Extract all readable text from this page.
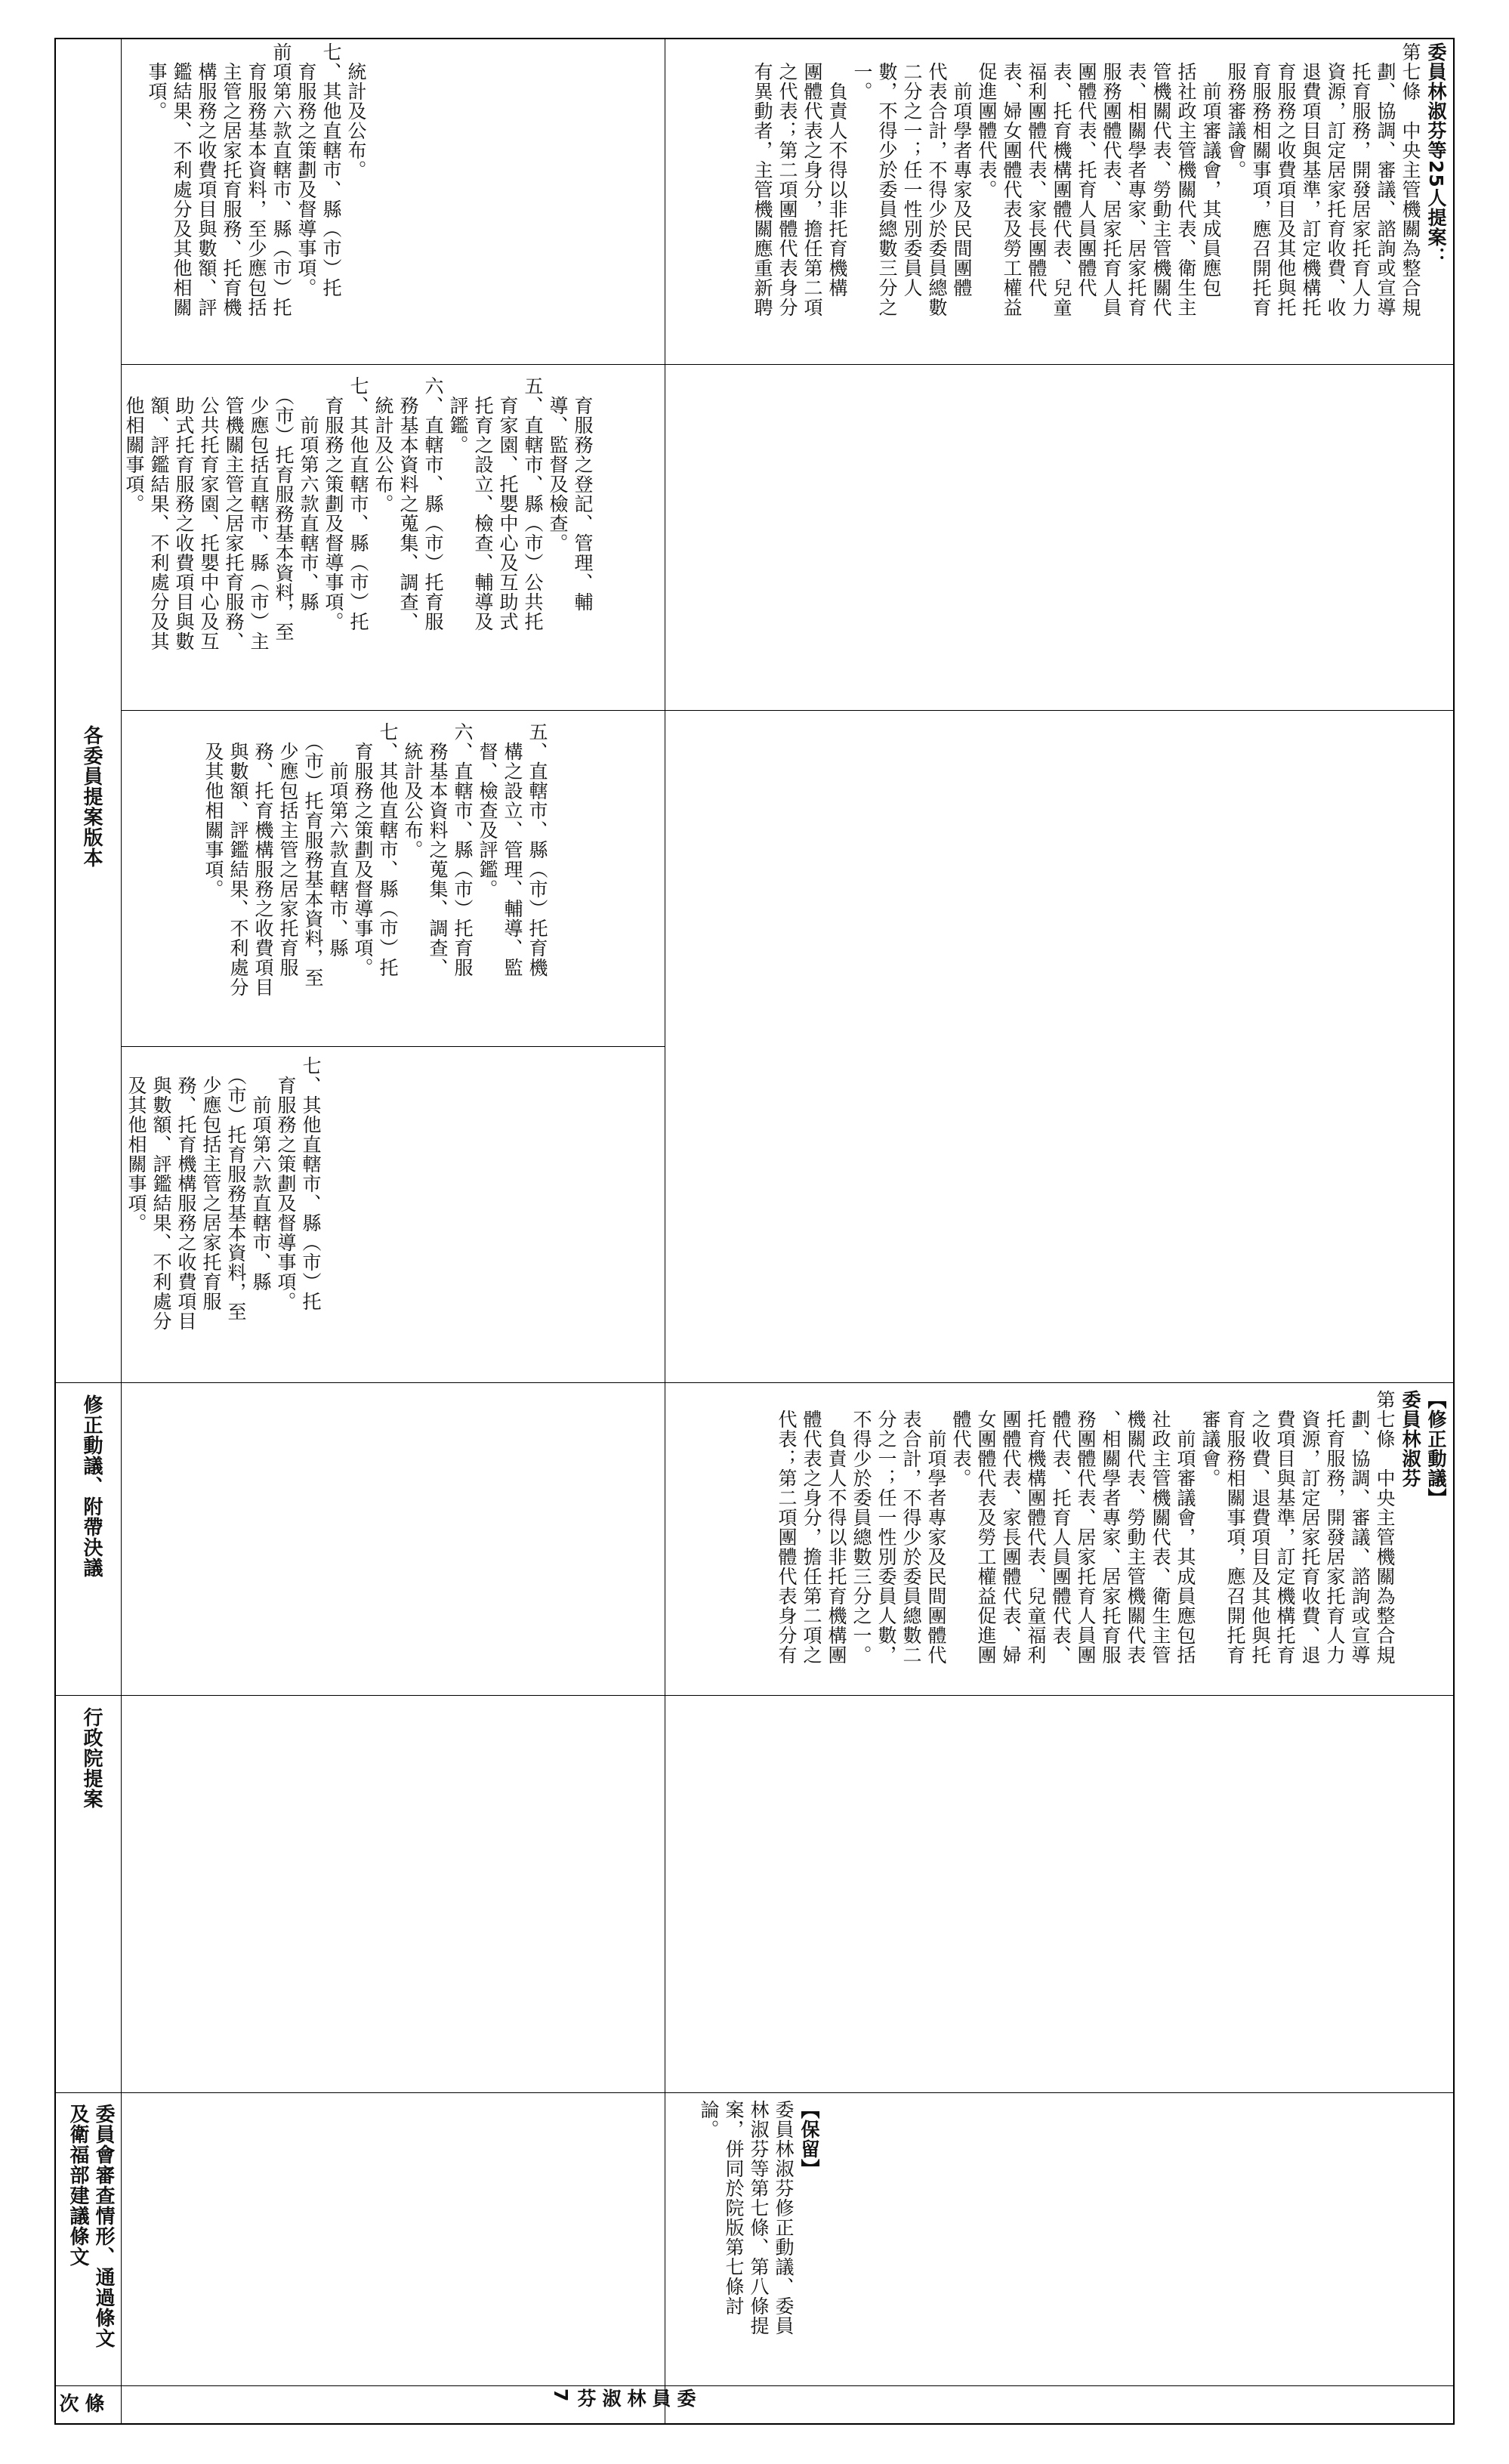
條次
委員會審查情形、通過條文
及衛福部建議條文
行政院提案
修正動議、附帶決議
各委員提案版本
七、其他直轄市、縣（市）托
　育服務之策劃及督導事項。
　　前項第六款直轄市、縣
　（市）托育服務基本資料，至
　少應包括主管之居家托育服
　務、托育機構服務之收費項目
　與數額、評鑑結果、不利處分
　及其他相關事項。
五、直轄市、縣（市）托育機
　構之設立、管理、輔導、監
　督、檢查及評鑑。
六、直轄市、縣（市）托育服
　務基本資料之蒐集、調查、
　統計及公布。
七、其他直轄市、縣（市）托
　育服務之策劃及督導事項。
　　前項第六款直轄市、縣
　（市）托育服務基本資料，至
　少應包括主管之居家托育服
　務、托育機構服務之收費項目
　與數額、評鑑結果、不利處分
　及其他相關事項。
　育服務之登記、管理、輔
　導、監督及檢查。
五、直轄市、縣（市）公共托
　育家園、托嬰中心及互助式
　托育之設立、檢查、輔導及
　評鑑。
六、直轄市、縣（市）托育服
　務基本資料之蒐集、調查、
　統計及公布。
七、其他直轄市、縣（市）托
　育服務之策劃及督導事項。
　　前項第六款直轄市、縣
　（市）托育服務基本資料，至
　少應包括直轄市、縣（市）主
　管機關主管之居家托育服務、
　公共托育家園、托嬰中心及互
　助式托育服務之收費項目與數
　額、評鑑結果、不利處分及其
　他相關事項。
　統計及公布。
七、其他直轄市、縣（市）托
　育服務之策劃及督導事項。
前項第六款直轄市、縣（市）托
　育服務基本資料，至少應包括
　主管之居家托育服務、托育機
　構服務之收費項目與數額、評
　鑑結果、不利處分及其他相關
　事項。
委員林淑芬7
【保留】
委員林淑芬修正動議、委員
林淑芬等第七條、第八條提
案，併同於院版第七條討
論。
【修正動議】
委員林淑芬
第七條　中央主管機關為整合規
　劃、協調、審議、諮詢或宣導
　托育服務，開發居家托育人力
　資源，訂定居家托育收費、退
　費項目與基準，訂定機構托育
　之收費、退費項目及其他與托
　育服務相關事項，應召開托育
　審議會。
　　前項審議會，其成員應包括
　社政主管機關代表、衛生主管
　機關代表、勞動主管機關代表
　、相關學者專家、居家托育服
　務團體代表、居家托育人員團
　體代表、托育人員團體代表、
　托育機構團體代表、兒童福利
　團體代表、家長團體代表、婦
　女團體代表及勞工權益促進團
　體代表。
　　前項學者專家及民間團體代
　表合計，不得少於委員總數二
　分之一；任一性別委員人數，
　不得少於委員總數三分之一。
　　負責人不得以非托育機構團
　體代表之身分，擔任第二項之
　代表；第二項團體代表身分有
委員林淑芬等25人提案：
第七條　中央主管機關為整合規
　劃、協調、審議、諮詢或宣導
　托育服務，開發居家托育人力
　資源，訂定居家托育收費、收
　退費項目與基準，訂定機構托
　育服務之收費項目及其他與托
　育服務相關事項，應召開托育
　服務審議會。
　　前項審議會，其成員應包
　括社政主管機關代表、衛生主
　管機關代表、勞動主管機關代
　表、相關學者專家、居家托育
　服務團體代表、居家托育人員
　團體代表、托育人員團體代
　表、托育機構團體代表、兒童
　福利團體代表、家長團體代
　表、婦女團體代表及勞工權益
　促進團體代表。
　　前項學者專家及民間團體
　代表合計，不得少於委員總數
　二分之一；任一性別委員人
　數，不得少於委員總數三分之
　一。
　　負責人不得以非托育機構
　團體代表之身分，擔任第二項
　之代表；第二項團體代表身分
　有異動者，主管機關應重新聘
